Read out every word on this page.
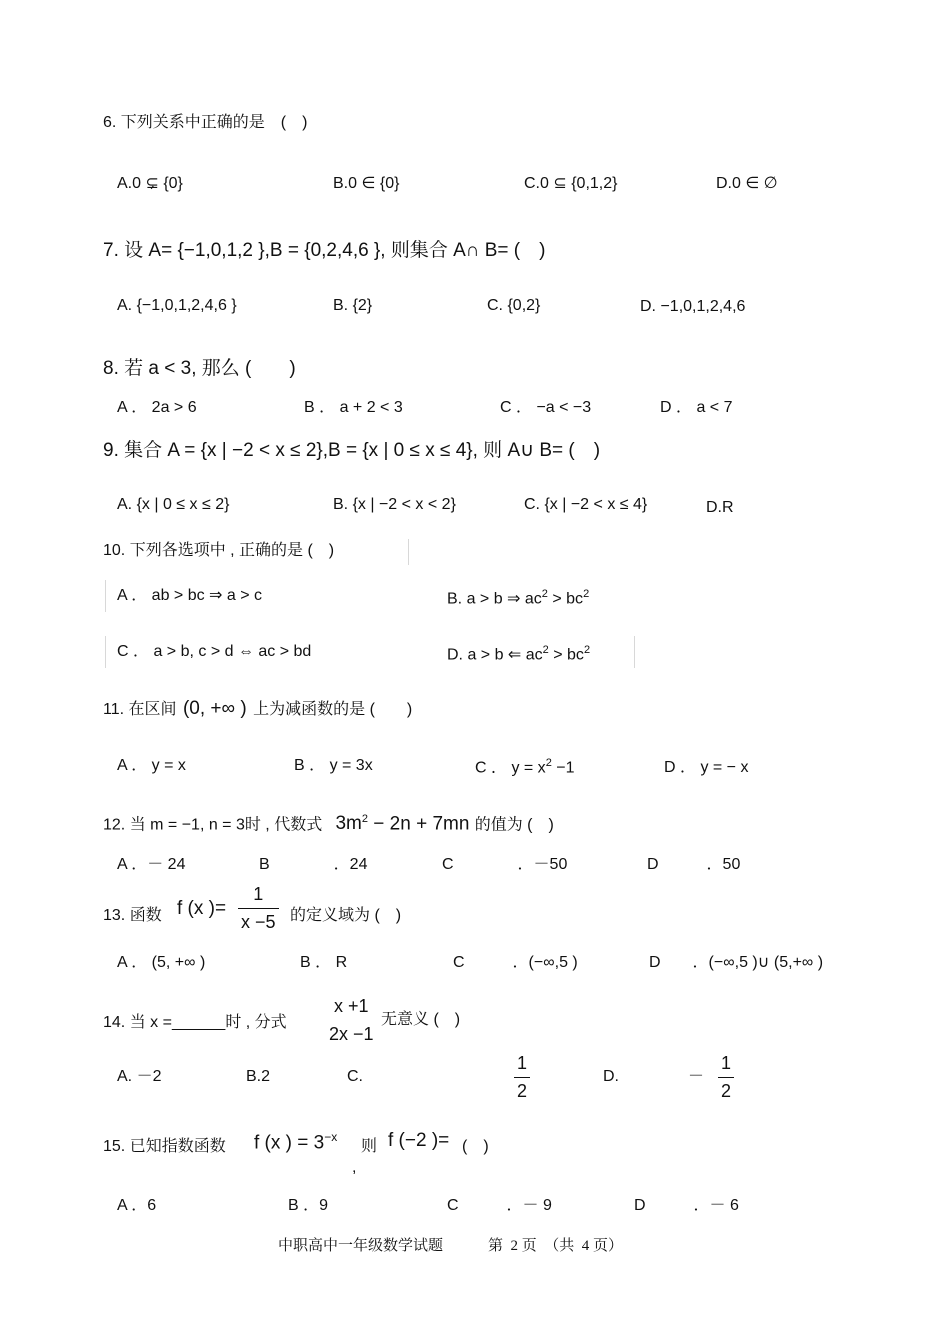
6. 下列关系中正确的是　(　)
A.0 ⊊ {0}	B.0 ∈ {0}	C.0 ⊆ {0,1,2}	D.0 ∈ ∅
7. 设 A= {−1,0,1,2 },B = {0,2,4,6 }, 则集合 A∩ B= (　)
A. {−1,0,1,2,4,6 }	B. {2}	C. {0,2}	D. −1,0,1,2,4,6
8. 若 a < 3, 那么 (　　)
A ． 2a > 6	B ． a + 2 < 3	C ． −a < −3	D ． a < 7
9. 集合 A = {x | −2 < x ≤ 2},B = {x | 0 ≤ x ≤ 4}, 则 A∪ B= (　)
A. {x | 0 ≤ x ≤ 2}	B. {x | −2 < x < 2}	C. {x | −2 < x ≤ 4}	D.R
10. 下列各选项中 , 正确的是 (　)
A ． ab > bc ⇒ a > c	B. a > b ⇒ $ac^2 > bc^2$
C ． a > b, c > d ⇔ ac > bd	D. a > b ⇐ $ac^2 > bc^2$
11. 在区间 (0, +∞ ) 上为减函数的是 (　　)
A ． y = x	B ． y = 3x	C ． $y = x^2 -1$	D ． y = − x
12. 当 m = −1, n = 3时 , 代数式 $3m^2 - 2n + 7mn$ 的值为 (　)
A ．－ 24	B　　　　．24	C　　　　．－50	D　　　．50
13. 函数 f (x )=
1
x −5 的定义域为 (　)
A ． (5, +∞ )	B ． R	C　　　．(−∞,5 )	D　　．(−∞,5 )∪ (5,+∞ )
14. 当 x =______时 , 分式
x +1
2x −1
无意义 (　)
A. －2	B.2	C.
1
2
D.	－
1
2
15. 已知指数函数 f (x ) = $3^{-x}$
,
则 f (−2 )= (　)
A ．6	B ．9	C　　　．－ 9	D　　　．－ 6
中职高中一年级数学试题　　　第  2 页　（共  4 页）
